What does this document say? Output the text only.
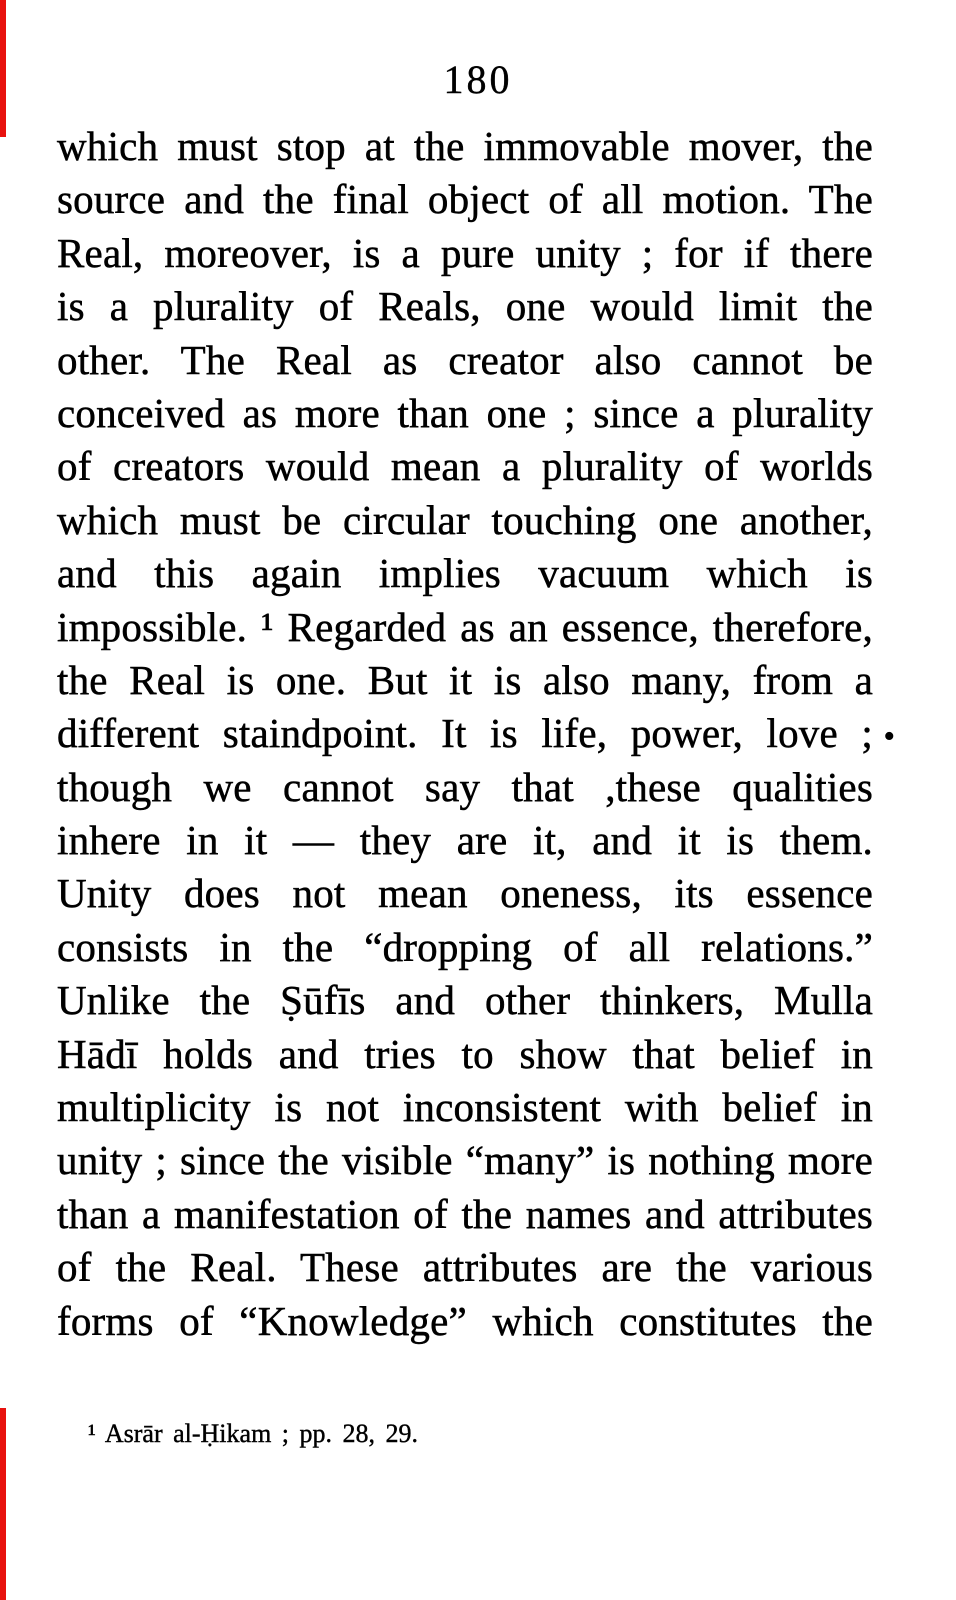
180
which must stop at the immovable mover, the
source and the final object of all motion. The
Real, moreover, is a pure unity ; for if there
is a plurality of Reals, one would limit the
other. The Real as creator also cannot be
conceived as more than one ; since a plurality
of creators would mean a plurality of worlds
which must be circular touching one another,
and this again implies vacuum which is
impossible. ¹ Regarded as an essence, therefore,
the Real is one. But it is also many, from a
different staindpoint. It is life, power, love ;
though we cannot say that ,these qualities
inhere in it — they are it, and it is them.
Unity does not mean oneness, its essence
consists in the “dropping of all relations.”
Unlike the Ṣūfīs and other thinkers, Mulla
Hādī holds and tries to show that belief in
multiplicity is not inconsistent with belief in
unity ; since the visible “many” is nothing more
than a manifestation of the names and attributes
of the Real. These attributes are the various
forms of “Knowledge” which constitutes the
•
¹ Asrār al-Ḥikam ; pp. 28, 29.
